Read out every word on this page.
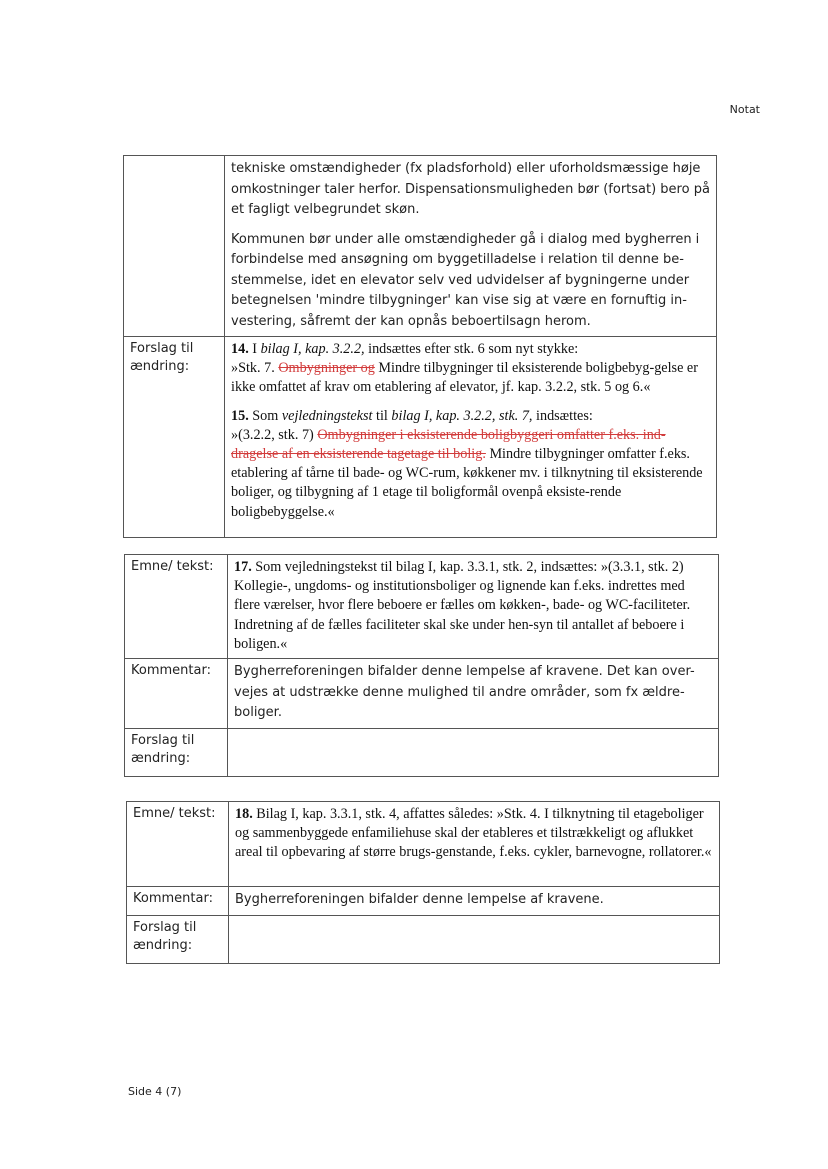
Notat

	tekniske omstændigheder (fx pladsforhold) eller uforholdsmæssige høje omkostninger taler herfor. Dispensationsmuligheden bør (fortsat) bero på et fagligt velbegrundet skøn.

Kommunen bør under alle omstændigheder gå i dialog med bygherren i forbindelse med ansøgning om byggetilladelse i relation til denne be-stemmelse, idet en elevator selv ved udvidelser af bygningerne under betegnelsen 'mindre tilbygninger' kan vise sig at være en fornuftig in-vestering, såfremt der kan opnås beboertilsagn herom.

Forslag til ændring:	14. I bilag I, kap. 3.2.2, indsættes efter stk. 6 som nyt stykke:
»Stk. 7. Ombygninger og Mindre tilbygninger til eksisterende boligbebyg-gelse er ikke omfattet af krav om etablering af elevator, jf. kap. 3.2.2, stk. 5 og 6.«

15. Som vejledningstekst til bilag I, kap. 3.2.2, stk. 7, indsættes:
»(3.2.2, stk. 7) Ombygninger i eksisterende boligbyggeri omfatter f.eks. ind-dragelse af en eksisterende tagetage til bolig. Mindre tilbygninger omfatter f.eks. etablering af tårne til bade- og WC-rum, køkkener mv. i tilknytning til eksisterende boliger, og tilbygning af 1 etage til boligformål ovenpå eksiste-rende boligbebyggelse.«

Emne/ tekst:	17. Som vejledningstekst til bilag I, kap. 3.3.1, stk. 2, indsættes: »(3.3.1, stk. 2) Kollegie-, ungdoms- og institutionsboliger og lignende kan f.eks. indrettes med flere værelser, hvor flere beboere er fælles om køkken-, bade- og WC-faciliteter. Indretning af de fælles faciliteter skal ske under hen-syn til antallet af beboere i boligen.«

Kommentar:	Bygherreforeningen bifalder denne lempelse af kravene. Det kan over-vejes at udstrække denne mulighed til andre områder, som fx ældre-boliger.

Forslag til ændring:	
Emne/ tekst:	18. Bilag I, kap. 3.3.1, stk. 4, affattes således: »Stk. 4. I tilknytning til etageboliger og sammenbyggede enfamiliehuse skal der etableres et tilstrækkeligt og aflukket areal til opbevaring af større brugs-genstande, f.eks. cykler, barnevogne, rollatorer.«

Kommentar:	Bygherreforeningen bifalder denne lempelse af kravene.

Forslag til ændring:	
Side 4 (7)
